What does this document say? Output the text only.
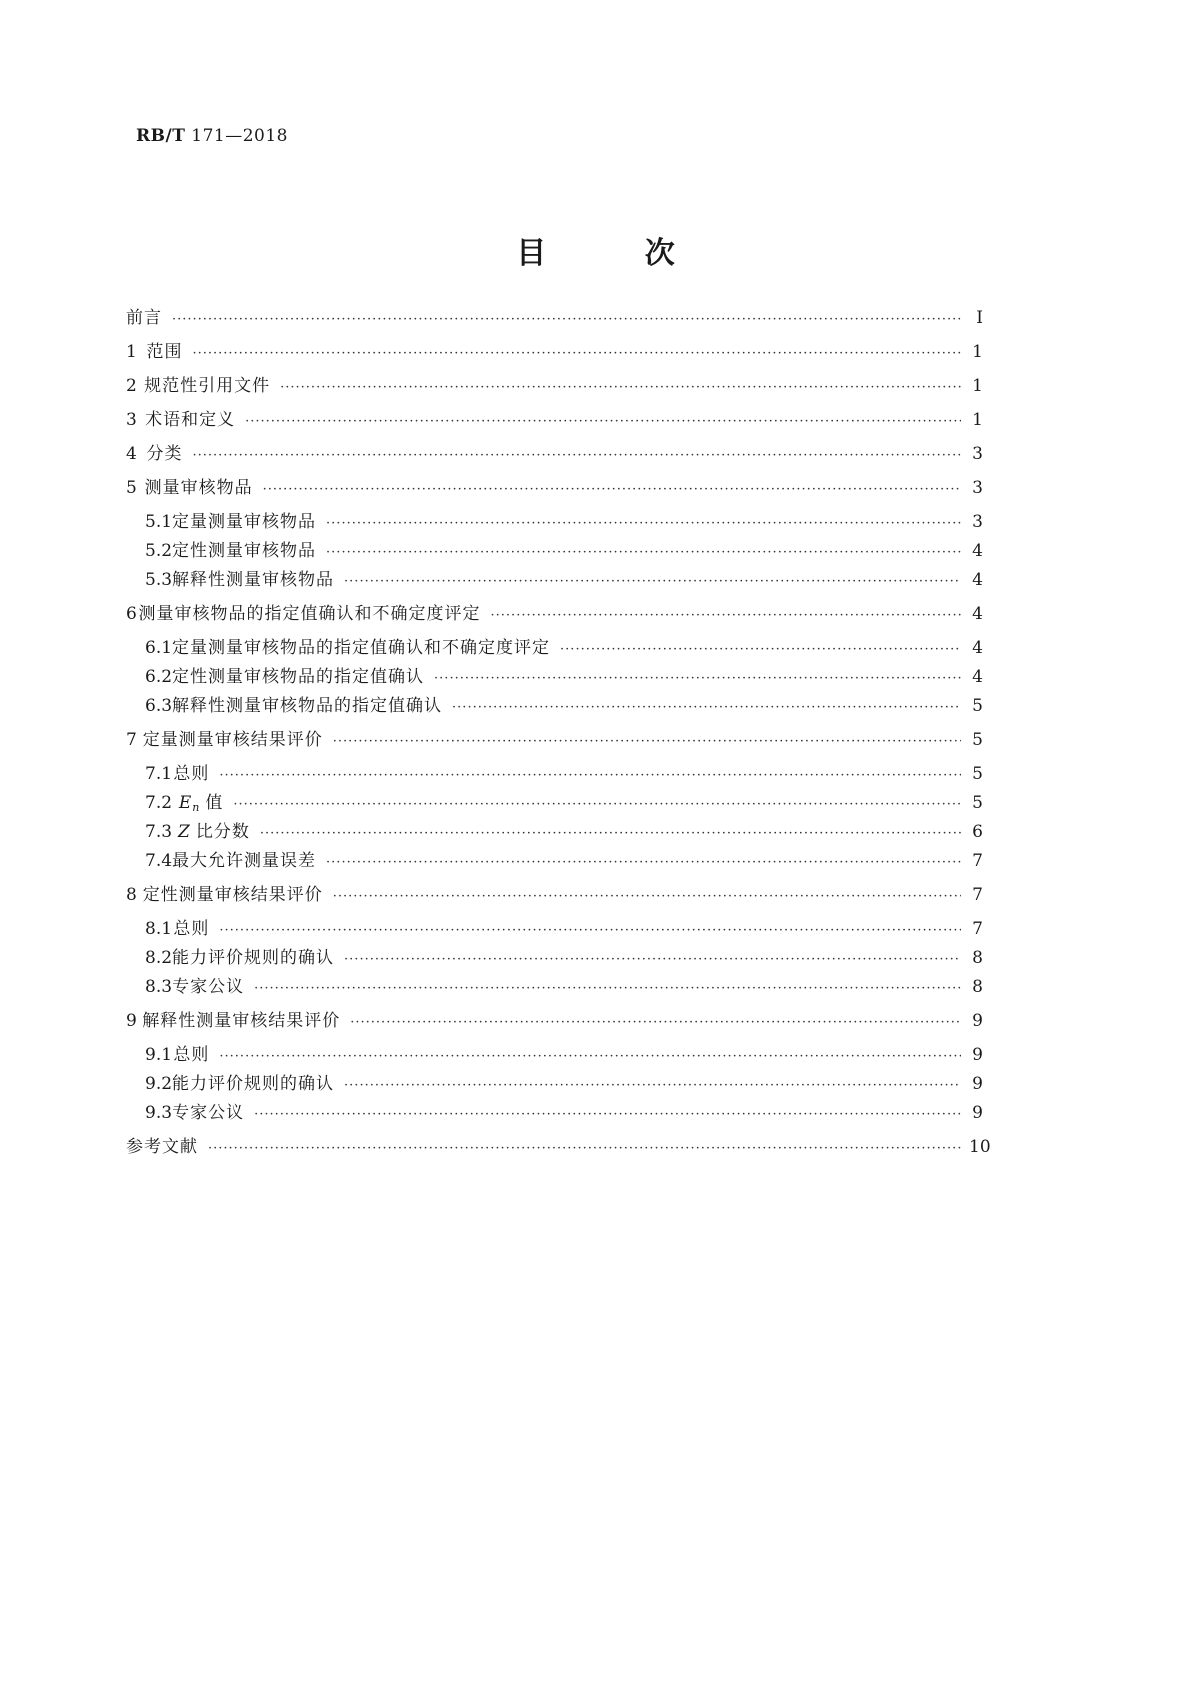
RB/T 171—2018
目 次
前言 ·····	Ⅰ
1 范围 ·····	1
2 规范性引用文件 ·····	1
3 术语和定义 ·····	1
4 分类 ·····	3
5 测量审核物品 ·····	3
5.1 定量测量审核物品 ·····	3
5.2 定性测量审核物品 ·····	4
5.3 解释性测量审核物品 ·····	4
6 测量审核物品的指定值确认和不确定度评定 ·····	4
6.1 定量测量审核物品的指定值确认和不确定度评定 ·····	4
6.2 定性测量审核物品的指定值确认 ·····	4
6.3 解释性测量审核物品的指定值确认 ·····	5
7 定量测量审核结果评价 ·····	5
7.1 总则 ·····	5
7.2 $E_n$ 值 ·····	5
7.3 Z 比分数 ·····	6
7.4 最大允许测量误差 ·····	7
8 定性测量审核结果评价 ·····	7
8.1 总则 ·····	7
8.2 能力评价规则的确认 ·····	8
8.3 专家公议 ·····	8
9 解释性测量审核结果评价 ·····	9
9.1 总则 ·····	9
9.2 能力评价规则的确认 ·····	9
9.3 专家公议 ·····	9
参考文献 ·····	10
